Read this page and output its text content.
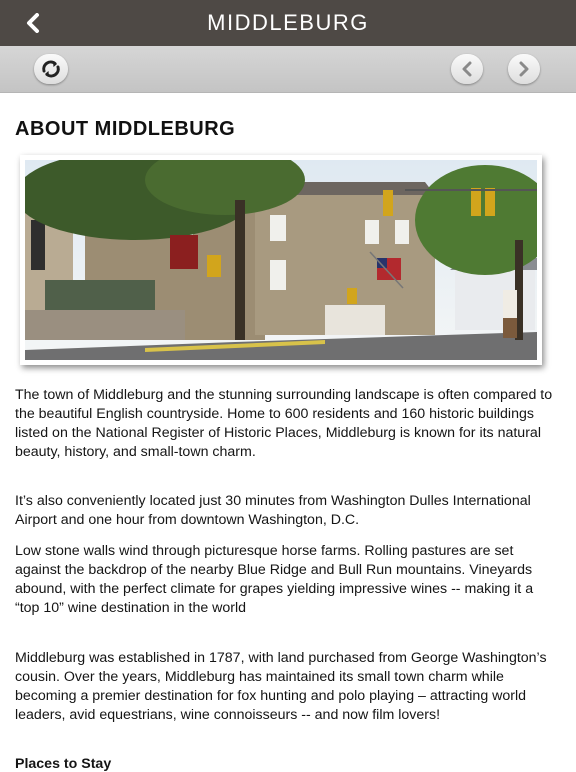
MIDDLEBURG
ABOUT MIDDLEBURG

The town of Middleburg and the stunning surrounding landscape is often compared to the beautiful English countryside. Home to 600 residents and 160 historic buildings listed on the National Register of Historic Places, Middleburg is known for its natural beauty, history, and small-town charm.

It’s also conveniently located just 30 minutes from Washington Dulles International Airport and one hour from downtown Washington, D.C.

Low stone walls wind through picturesque horse farms. Rolling pastures are set against the backdrop of the nearby Blue Ridge and Bull Run mountains. Vineyards abound, with the perfect climate for grapes yielding impressive wines -- making it a “top 10” wine destination in the world

Middleburg was established in 1787, with land purchased from George Washington’s cousin. Over the years, Middleburg has maintained its small town charm while becoming a premier destination for fox hunting and polo playing – attracting world leaders, avid equestrians, wine connoisseurs -- and now film lovers!

Places to Stay
